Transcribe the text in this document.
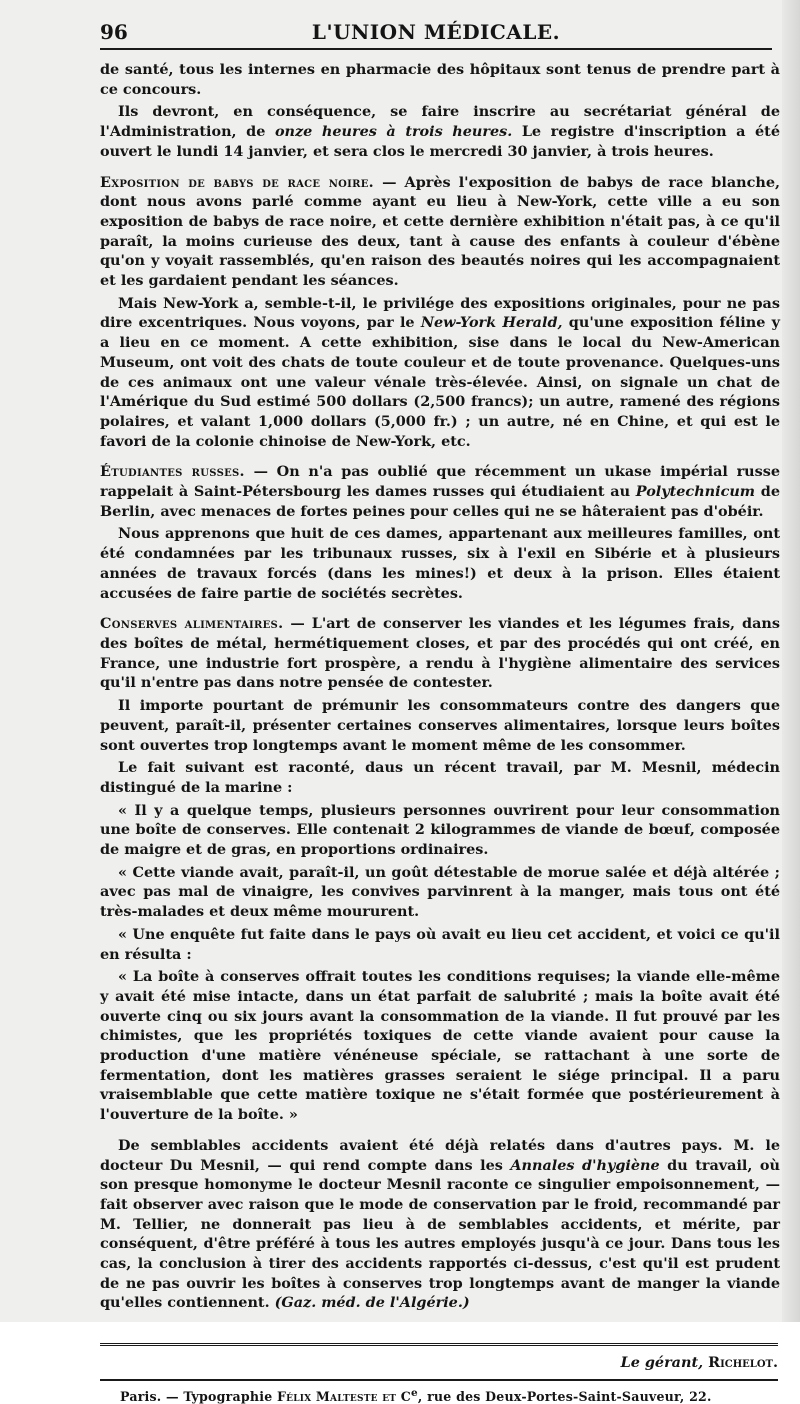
96	L'UNION MÉDICALE.

de santé, tous les internes en pharmacie des hôpitaux sont tenus de prendre part à ce concours.

Ils devront, en conséquence, se faire inscrire au secrétariat général de l'Administration, de onze heures à trois heures. Le registre d'inscription a été ouvert le lundi 14 janvier, et sera clos le mercredi 30 janvier, à trois heures.

Exposition de babys de race noire. — Après l'exposition de babys de race blanche, dont nous avons parlé comme ayant eu lieu à New-York, cette ville a eu son exposition de babys de race noire, et cette dernière exhibition n'était pas, à ce qu'il paraît, la moins curieuse des deux, tant à cause des enfants à couleur d'ébène qu'on y voyait rassemblés, qu'en raison des beautés noires qui les accompagnaient et les gardaient pendant les séances.

Mais New-York a, semble-t-il, le privilége des expositions originales, pour ne pas dire excentriques. Nous voyons, par le New-York Herald, qu'une exposition féline y a lieu en ce moment. A cette exhibition, sise dans le local du New-American Museum, ont voit des chats de toute couleur et de toute provenance. Quelques-uns de ces animaux ont une valeur vénale très-élevée. Ainsi, on signale un chat de l'Amérique du Sud estimé 500 dollars (2,500 francs); un autre, ramené des régions polaires, et valant 1,000 dollars (5,000 fr.) ; un autre, né en Chine, et qui est le favori de la colonie chinoise de New-York, etc.

Étudiantes russes. — On n'a pas oublié que récemment un ukase impérial russe rappelait à Saint-Pétersbourg les dames russes qui étudiaient au Polytechnicum de Berlin, avec menaces de fortes peines pour celles qui ne se hâteraient pas d'obéir.

Nous apprenons que huit de ces dames, appartenant aux meilleures familles, ont été condamnées par les tribunaux russes, six à l'exil en Sibérie et à plusieurs années de travaux forcés (dans les mines!) et deux à la prison. Elles étaient accusées de faire partie de sociétés secrètes.

Conserves alimentaires. — L'art de conserver les viandes et les légumes frais, dans des boîtes de métal, hermétiquement closes, et par des procédés qui ont créé, en France, une industrie fort prospère, a rendu à l'hygiène alimentaire des services qu'il n'entre pas dans notre pensée de contester.

Il importe pourtant de prémunir les consommateurs contre des dangers que peuvent, paraît-il, présenter certaines conserves alimentaires, lorsque leurs boîtes sont ouvertes trop longtemps avant le moment même de les consommer.

Le fait suivant est raconté, daus un récent travail, par M. Mesnil, médecin distingué de la marine :

« Il y a quelque temps, plusieurs personnes ouvrirent pour leur consommation une boîte de conserves. Elle contenait 2 kilogrammes de viande de bœuf, composée de maigre et de gras, en proportions ordinaires.

« Cette viande avait, paraît-il, un goût détestable de morue salée et déjà altérée ; avec pas mal de vinaigre, les convives parvinrent à la manger, mais tous ont été très-malades et deux même moururent.

« Une enquête fut faite dans le pays où avait eu lieu cet accident, et voici ce qu'il en résulta :

« La boîte à conserves offrait toutes les conditions requises; la viande elle-même y avait été mise intacte, dans un état parfait de salubrité ; mais la boîte avait été ouverte cinq ou six jours avant la consommation de la viande. Il fut prouvé par les chimistes, que les propriétés toxiques de cette viande avaient pour cause la production d'une matière vénéneuse spéciale, se rattachant à une sorte de fermentation, dont les matières grasses seraient le siége principal. Il a paru vraisemblable que cette matière toxique ne s'était formée que postérieurement à l'ouverture de la boîte. »

De semblables accidents avaient été déjà relatés dans d'autres pays. M. le docteur Du Mesnil, — qui rend compte dans les Annales d'hygiène du travail, où son presque homonyme le docteur Mesnil raconte ce singulier empoisonnement, — fait observer avec raison que le mode de conservation par le froid, recommandé par M. Tellier, ne donnerait pas lieu à de semblables accidents, et mérite, par conséquent, d'être préféré à tous les autres employés jusqu'à ce jour. Dans tous les cas, la conclusion à tirer des accidents rapportés ci-dessus, c'est qu'il est prudent de ne pas ouvrir les boîtes à conserves trop longtemps avant de manger la viande qu'elles contiennent. (Gaz. méd. de l'Algérie.)

Le gérant, Richelot.
Paris. — Typographie Félix Malteste et Ce, rue des Deux-Portes-Saint-Sauveur, 22.
